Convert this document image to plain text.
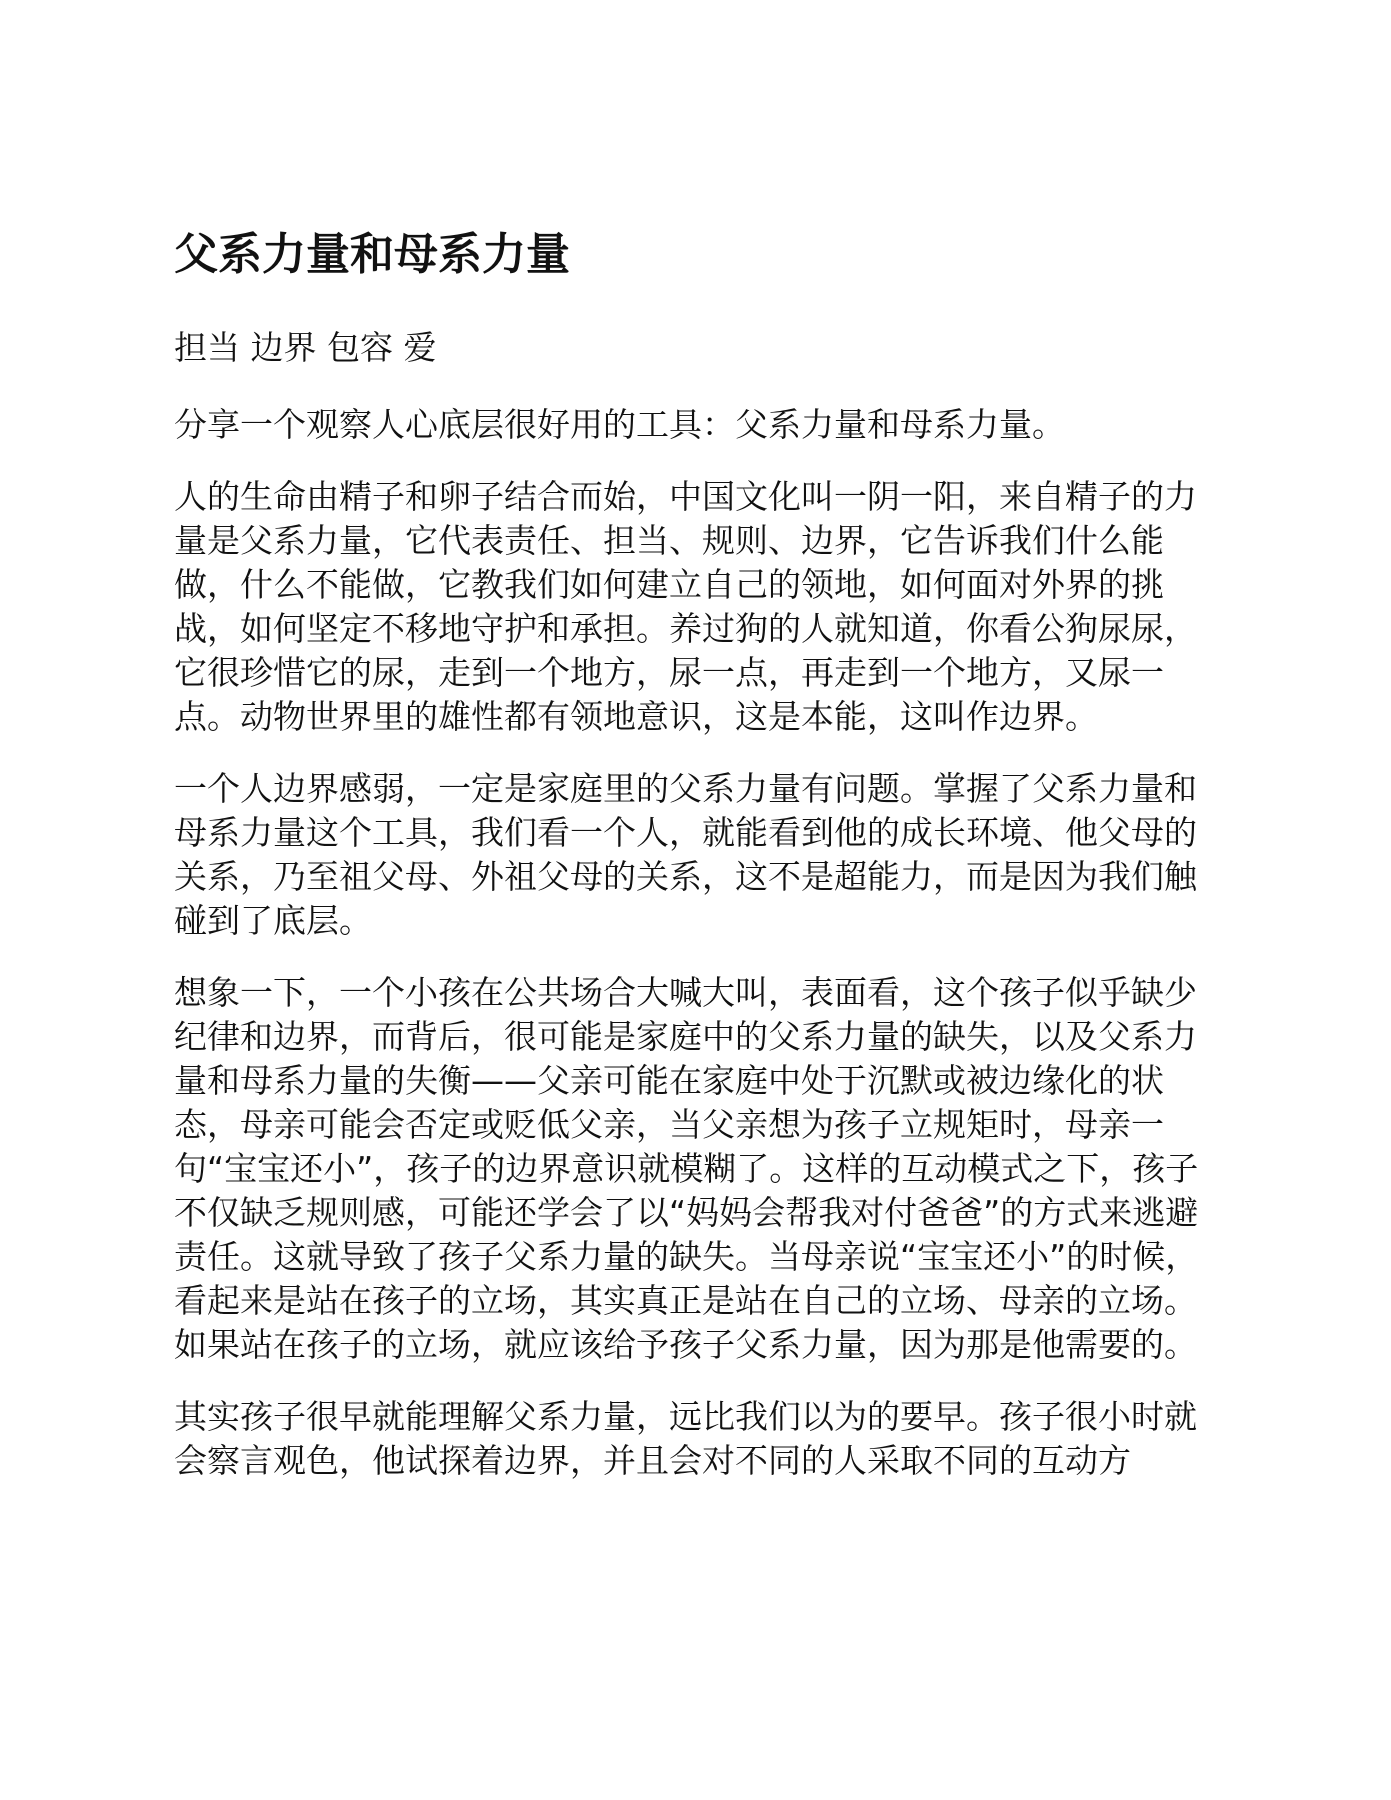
父系力量和母系力量

担当 边界 包容 爱

分享一个观察人心底层很好用的工具：父系力量和母系力量。

人的生命由精子和卵子结合而始，中国文化叫一阴一阳，来自精子的力量是父系力量，它代表责任、担当、规则、边界，它告诉我们什么能做，什么不能做，它教我们如何建立自己的领地，如何面对外界的挑战，如何坚定不移地守护和承担。养过狗的人就知道，你看公狗尿尿，它很珍惜它的尿，走到一个地方，尿一点，再走到一个地方，又尿一点。动物世界里的雄性都有领地意识，这是本能，这叫作边界。

一个人边界感弱，一定是家庭里的父系力量有问题。掌握了父系力量和母系力量这个工具，我们看一个人，就能看到他的成长环境、他父母的关系，乃至祖父母、外祖父母的关系，这不是超能力，而是因为我们触碰到了底层。

想象一下，一个小孩在公共场合大喊大叫，表面看，这个孩子似乎缺少纪律和边界，而背后，很可能是家庭中的父系力量的缺失，以及父系力量和母系力量的失衡——父亲可能在家庭中处于沉默或被边缘化的状态，母亲可能会否定或贬低父亲，当父亲想为孩子立规矩时，母亲一句“宝宝还小”，孩子的边界意识就模糊了。这样的互动模式之下，孩子不仅缺乏规则感，可能还学会了以“妈妈会帮我对付爸爸”的方式来逃避责任。这就导致了孩子父系力量的缺失。当母亲说“宝宝还小”的时候，看起来是站在孩子的立场，其实真正是站在自己的立场、母亲的立场。如果站在孩子的立场，就应该给予孩子父系力量，因为那是他需要的。

其实孩子很早就能理解父系力量，远比我们以为的要早。孩子很小时就会察言观色，他试探着边界，并且会对不同的人采取不同的互动方
